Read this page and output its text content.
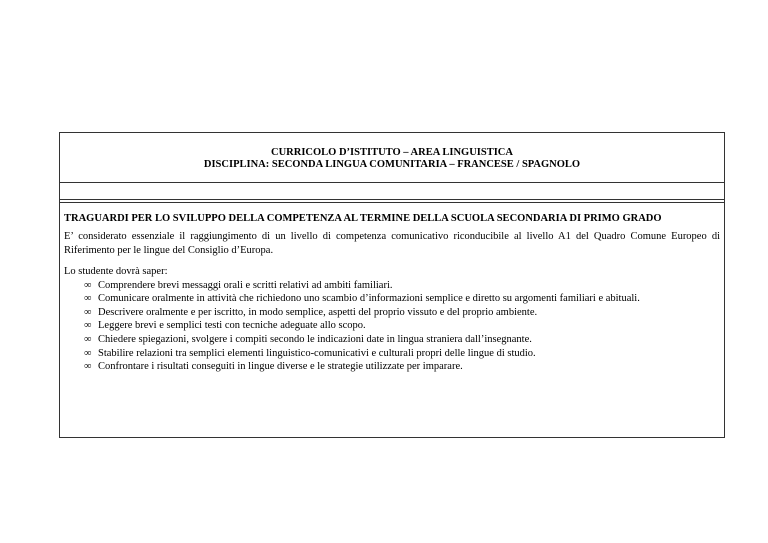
CURRICOLO D’ISTITUTO – AREA LINGUISTICA
DISCIPLINA: SECONDA LINGUA COMUNITARIA – FRANCESE / SPAGNOLO
TRAGUARDI PER LO SVILUPPO DELLA COMPETENZA AL TERMINE DELLA SCUOLA SECONDARIA DI PRIMO GRADO
E’ considerato essenziale il raggiungimento di un livello di competenza comunicativo riconducibile al livello A1 del Quadro Comune Europeo di
Riferimento per le lingue del Consiglio d’Europa.
Lo studente dovrà saper:
∞ Comprendere brevi messaggi orali e scritti relativi ad ambiti familiari.
∞ Comunicare oralmente in attività che richiedono uno scambio d’informazioni semplice e diretto su argomenti familiari e abituali.
∞ Descrivere oralmente e per iscritto, in modo semplice, aspetti del proprio vissuto e del proprio ambiente.
∞ Leggere brevi e semplici testi con tecniche adeguate allo scopo.
∞ Chiedere spiegazioni, svolgere i compiti secondo le indicazioni date in lingua straniera dall’insegnante.
∞ Stabilire relazioni tra semplici elementi linguistico-comunicativi e culturali propri delle lingue di studio.
∞ Confrontare i risultati conseguiti in lingue diverse e le strategie utilizzate per imparare.
